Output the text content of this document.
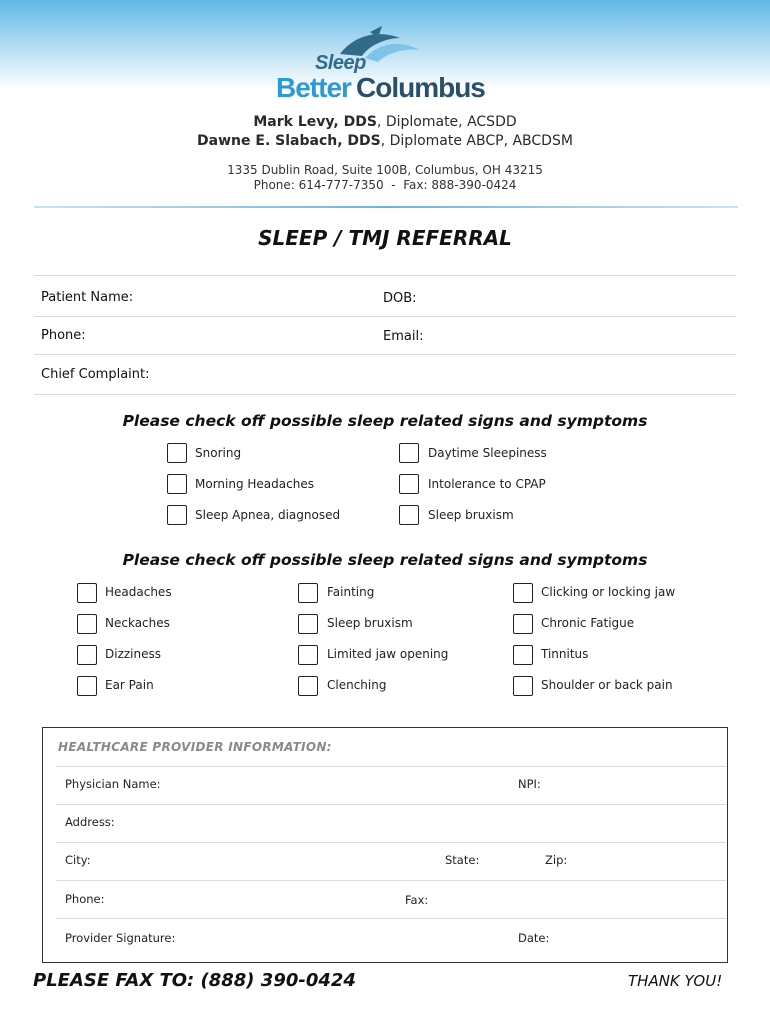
Sleep
Better Columbus
Mark Levy, DDS, Diplomate, ACSDD
Dawne E. Slabach, DDS, Diplomate ABCP, ABCDSM
1335 Dublin Road, Suite 100B, Columbus, OH 43215
Phone: 614-777-7350  -  Fax: 888-390-0424
SLEEP / TMJ REFERRAL
Patient Name:	DOB:
Phone:	Email:
Chief Complaint:
Please check off possible sleep related signs and symptoms
Snoring
Morning Headaches
Sleep Apnea, diagnosed
Daytime Sleepiness
Intolerance to CPAP
Sleep bruxism
Please check off possible sleep related signs and symptoms
Headaches
Neckaches
Dizziness
Ear Pain
Fainting
Sleep bruxism
Limited jaw opening
Clenching
Clicking or locking jaw
Chronic Fatigue
Tinnitus
Shoulder or back pain
HEALTHCARE PROVIDER INFORMATION:
Physician Name:	NPI:
Address:
City:	State:	Zip:
Phone:	Fax:
Provider Signature:	Date:
PLEASE FAX TO: (888) 390-0424	THANK YOU!
